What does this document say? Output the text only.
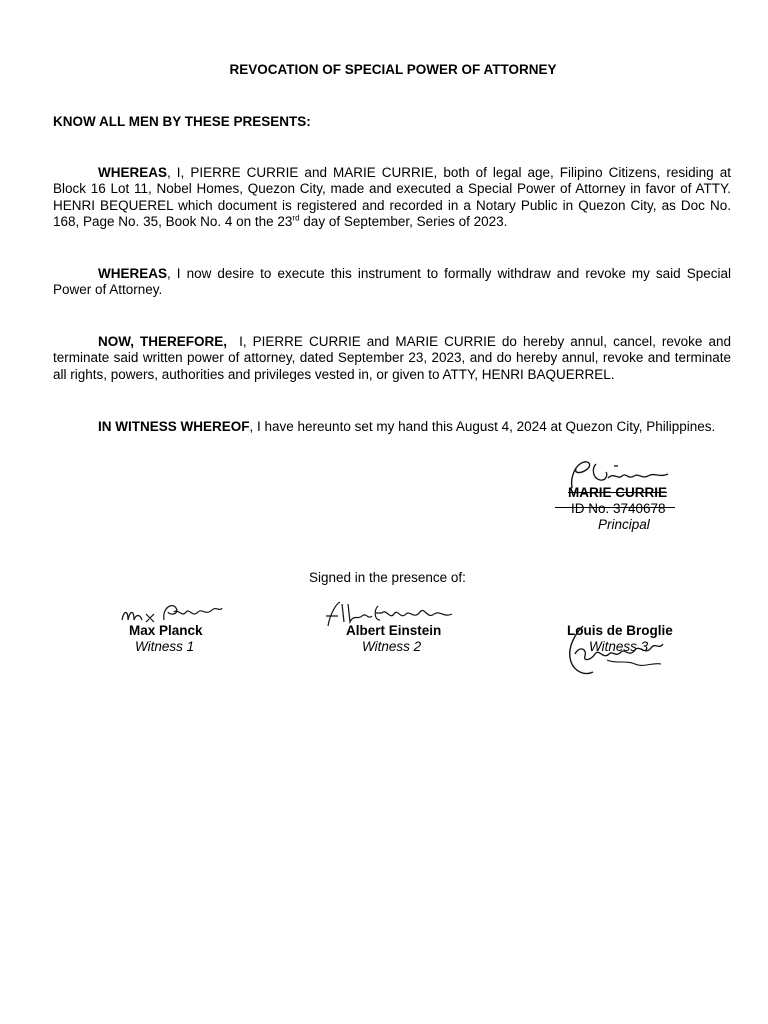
REVOCATION OF SPECIAL POWER OF ATTORNEY
KNOW ALL MEN BY THESE PRESENTS:
WHEREAS, I, PIERRE CURRIE and MARIE CURRIE, both of legal age, Filipino Citizens, residing at Block 16 Lot 11, Nobel Homes, Quezon City, made and executed a Special Power of Attorney in favor of ATTY. HENRI BEQUEREL which document is registered and recorded in a Notary Public in Quezon City, as Doc No. 168, Page No. 35, Book No. 4 on the 23rd day of September, Series of 2023.
WHEREAS, I now desire to execute this instrument to formally withdraw and revoke my said Special Power of Attorney.
NOW, THEREFORE,  I, PIERRE CURRIE and MARIE CURRIE do hereby annul, cancel, revoke and terminate said written power of attorney, dated September 23, 2023, and do hereby annul, revoke and terminate all rights, powers, authorities and privileges vested in, or given to ATTY, HENRI BAQUERREL.
IN WITNESS WHEREOF, I have hereunto set my hand this August 4, 2024 at Quezon City, Philippines.
MARIE CURRIE
ID No. 3740678
Principal
Signed in the presence of:
Max Planck
Witness 1
Albert Einstein
Witness 2
Louis de Broglie
Witness 3
